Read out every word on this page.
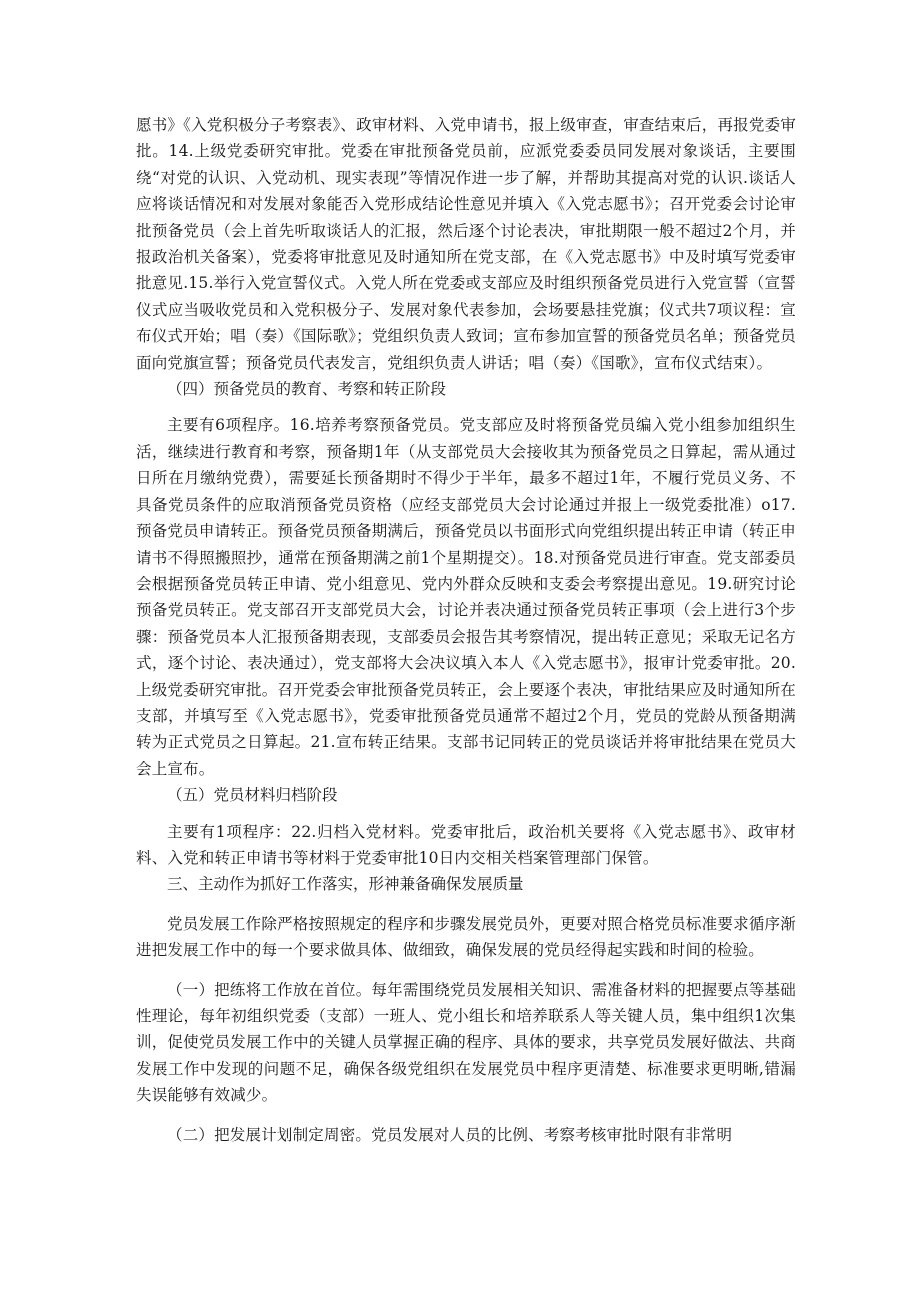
愿书》《入党积极分子考察表》、政审材料、入党申请书，报上级审查，审查结束后，再报党委审批。14.上级党委研究审批。党委在审批预备党员前，应派党委委员同发展对象谈话，主要围绕“对党的认识、入党动机、现实表现”等情况作进一步了解，并帮助其提高对党的认识.谈话人应将谈话情况和对发展对象能否入党形成结论性意见并填入《入党志愿书》；召开党委会讨论审批预备党员（会上首先听取谈话人的汇报，然后逐个讨论表决，审批期限一般不超过2个月，并报政治机关备案），党委将审批意见及时通知所在党支部，在《入党志愿书》中及时填写党委审批意见.15.举行入党宣誓仪式。入党人所在党委或支部应及时组织预备党员进行入党宣誓（宣誓仪式应当吸收党员和入党积极分子、发展对象代表参加，会场要悬挂党旗；仪式共7项议程：宣布仪式开始；唱（奏）《国际歌》；党组织负责人致词；宣布参加宣誓的预备党员名单；预备党员面向党旗宣誓；预备党员代表发言，党组织负责人讲话；唱（奏）《国歌》，宣布仪式结束）。

（四）预备党员的教育、考察和转正阶段

主要有6项程序。16.培养考察预备党员。党支部应及时将预备党员编入党小组参加组织生活，继续进行教育和考察，预备期1年（从支部党员大会接收其为预备党员之日算起，需从通过日所在月缴纳党费），需要延长预备期时不得少于半年，最多不超过1年，不履行党员义务、不具备党员条件的应取消预备党员资格（应经支部党员大会讨论通过并报上一级党委批准）o17.预备党员申请转正。预备党员预备期满后，预备党员以书面形式向党组织提出转正申请（转正申请书不得照搬照抄，通常在预备期满之前1个星期提交）。18.对预备党员进行审查。党支部委员会根据预备党员转正申请、党小组意见、党内外群众反映和支委会考察提出意见。19.研究讨论预备党员转正。党支部召开支部党员大会，讨论并表决通过预备党员转正事项（会上进行3个步骤：预备党员本人汇报预备期表现，支部委员会报告其考察情况，提出转正意见；采取无记名方式，逐个讨论、表决通过），党支部将大会决议填入本人《入党志愿书》，报审计党委审批。20.上级党委研究审批。召开党委会审批预备党员转正，会上要逐个表决，审批结果应及时通知所在支部，并填写至《入党志愿书》，党委审批预备党员通常不超过2个月，党员的党龄从预备期满转为正式党员之日算起。21.宣布转正结果。支部书记同转正的党员谈话并将审批结果在党员大会上宣布。

（五）党员材料归档阶段

主要有1项程序：22.归档入党材料。党委审批后，政治机关要将《入党志愿书》、政审材料、入党和转正申请书等材料于党委审批10日内交相关档案管理部门保管。

三、主动作为抓好工作落实，形神兼备确保发展质量

党员发展工作除严格按照规定的程序和步骤发展党员外，更要对照合格党员标准要求循序渐进把发展工作中的每一个要求做具体、做细致，确保发展的党员经得起实践和时间的检验。

（一）把练将工作放在首位。每年需围绕党员发展相关知识、需准备材料的把握要点等基础性理论，每年初组织党委（支部）一班人、党小组长和培养联系人等关键人员，集中组织1次集训，促使党员发展工作中的关键人员掌握正确的程序、具体的要求，共享党员发展好做法、共商发展工作中发现的问题不足，确保各级党组织在发展党员中程序更清楚、标准要求更明晰,错漏失误能够有效减少。

（二）把发展计划制定周密。党员发展对人员的比例、考察考核审批时限有非常明
